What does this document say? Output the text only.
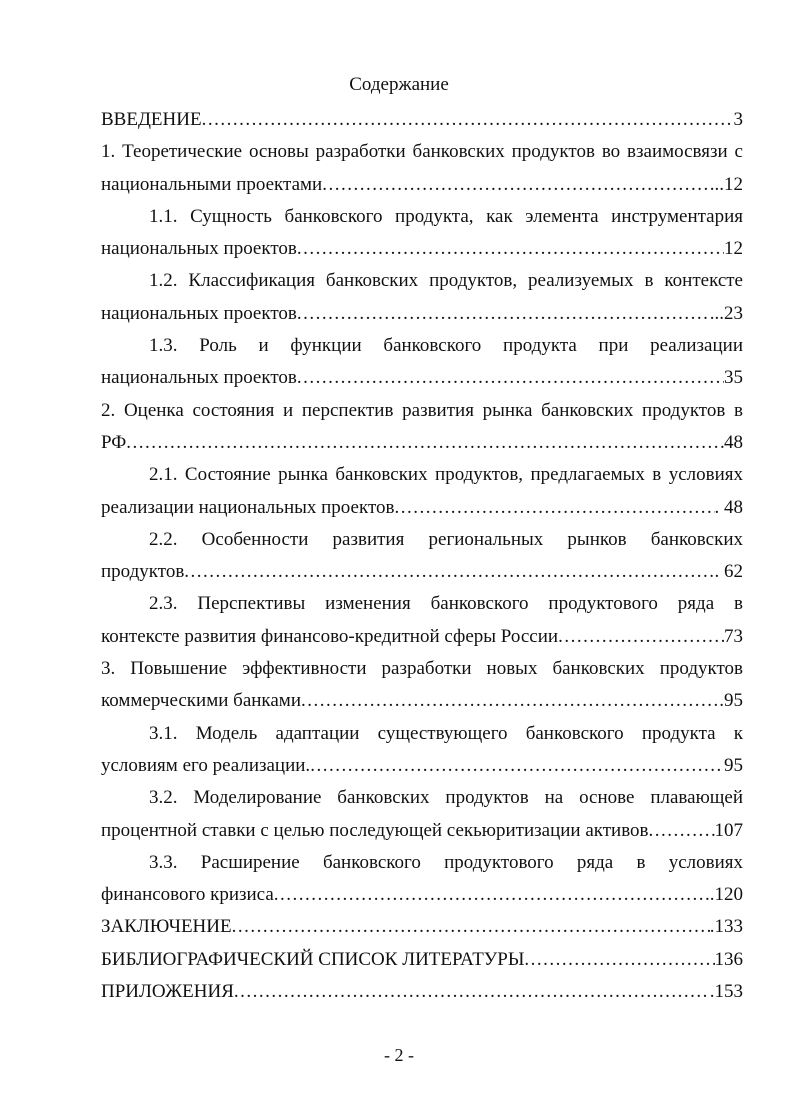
Содержание
ВВЕДЕНИЕ .....	3
1. Теоретические основы разработки банковских продуктов во взаимосвязи с
национальными проектами .....	..12
1.1. Сущность банковского продукта, как элемента инструментария
национальных проектов .....	12
1.2. Классификация банковских продуктов, реализуемых в контексте
национальных проектов .....	...23
1.3. Роль и функции банковского продукта при реализации
национальных проектов .....	35
2. Оценка состояния и перспектив развития рынка банковских продуктов в
РФ .....	48
2.1. Состояние рынка банковских продуктов, предлагаемых в условиях
реализации национальных проектов .....	. 48
2.2. Особенности развития региональных рынков банковских
продуктов .....	. 62
2.3. Перспективы изменения банковского продуктового ряда в
контексте развития финансово-кредитной сферы России .....	73
3. Повышение эффективности разработки новых банковских продуктов
коммерческими банками .....	.95
3.1. Модель адаптации существующего банковского продукта к
условиям его реализации. .....	95
3.2. Моделирование банковских продуктов на основе плавающей
процентной ставки с целью последующей секьюритизации активов .....	107
3.3. Расширение банковского продуктового ряда в условиях
финансового кризиса .....	.120
ЗАКЛЮЧЕНИЕ .....	.133
БИБЛИОГРАФИЧЕСКИЙ СПИСОК ЛИТЕРАТУРЫ .....	136
ПРИЛОЖЕНИЯ .....	.153
- 2 -
